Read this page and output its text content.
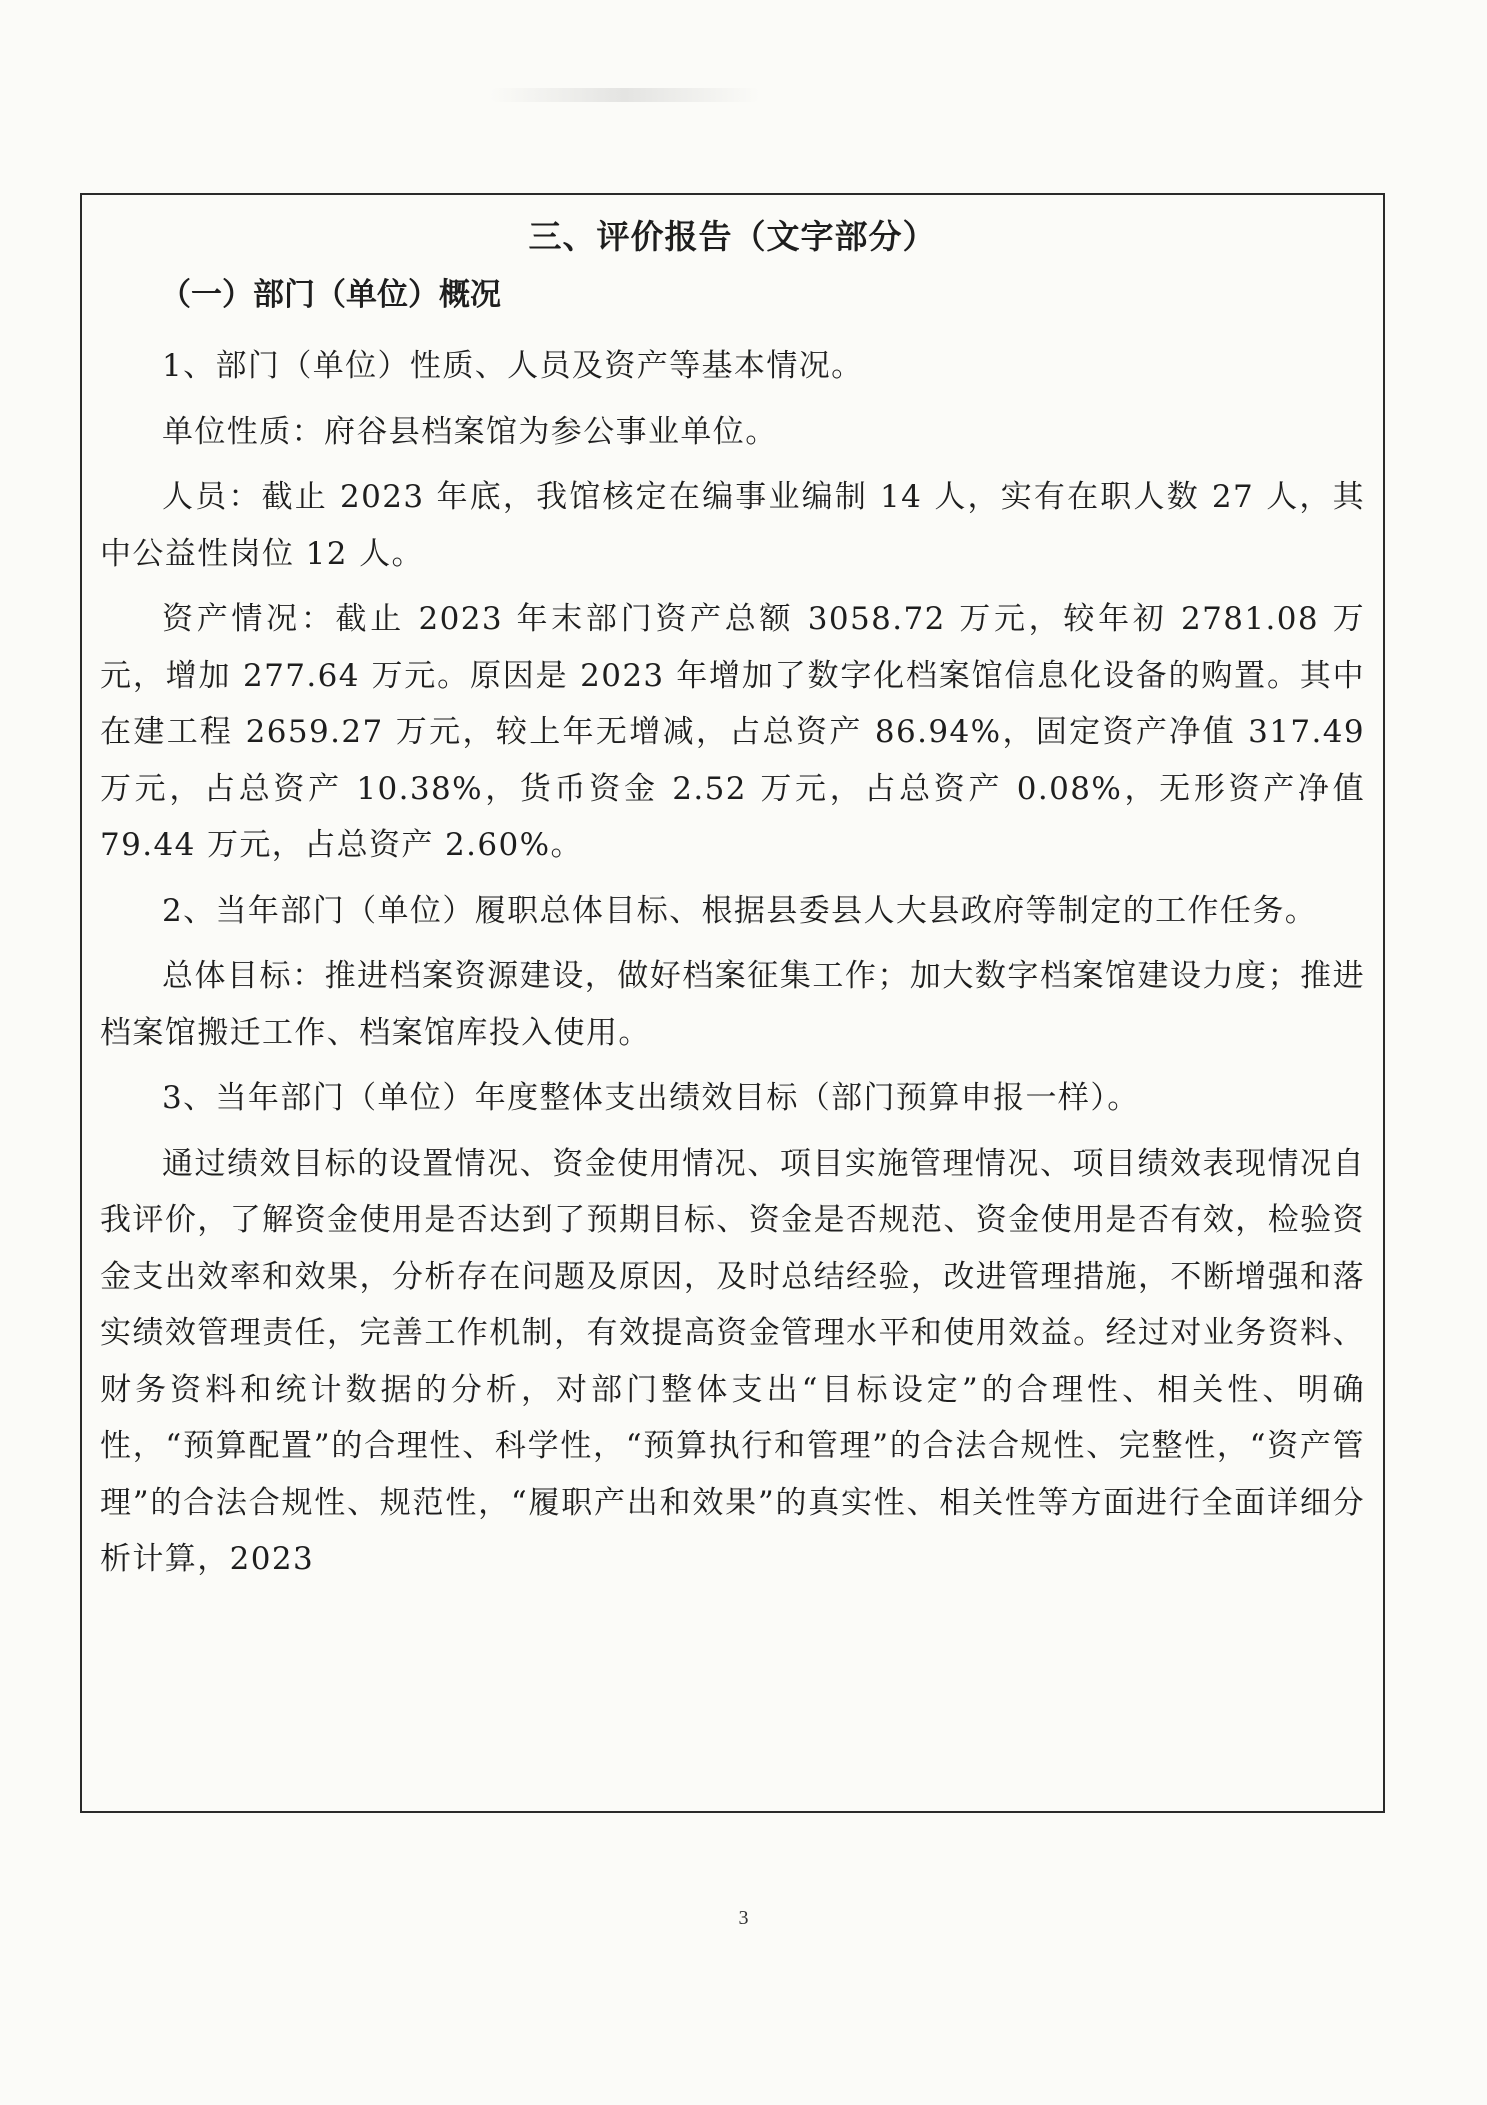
三、评价报告（文字部分）
（一）部门（单位）概况

1、部门（单位）性质、人员及资产等基本情况。

单位性质：府谷县档案馆为参公事业单位。

人员：截止 2023 年底，我馆核定在编事业编制 14 人，实有在职人数 27 人，其中公益性岗位 12 人。

资产情况：截止 2023 年末部门资产总额 3058.72 万元，较年初 2781.08 万元，增加 277.64 万元。原因是 2023 年增加了数字化档案馆信息化设备的购置。其中在建工程 2659.27 万元，较上年无增减，占总资产 86.94%，固定资产净值 317.49 万元，占总资产 10.38%，货币资金 2.52 万元，占总资产 0.08%，无形资产净值 79.44 万元，占总资产 2.60%。

2、当年部门（单位）履职总体目标、根据县委县人大县政府等制定的工作任务。

总体目标：推进档案资源建设，做好档案征集工作；加大数字档案馆建设力度；推进档案馆搬迁工作、档案馆库投入使用。

3、当年部门（单位）年度整体支出绩效目标（部门预算申报一样）。

通过绩效目标的设置情况、资金使用情况、项目实施管理情况、项目绩效表现情况自我评价，了解资金使用是否达到了预期目标、资金是否规范、资金使用是否有效，检验资金支出效率和效果，分析存在问题及原因，及时总结经验，改进管理措施，不断增强和落实绩效管理责任，完善工作机制，有效提高资金管理水平和使用效益。经过对业务资料、财务资料和统计数据的分析，对部门整体支出“目标设定”的合理性、相关性、明确性，“预算配置”的合理性、科学性，“预算执行和管理”的合法合规性、完整性，“资产管理”的合法合规性、规范性，“履职产出和效果”的真实性、相关性等方面进行全面详细分析计算，2023

3
